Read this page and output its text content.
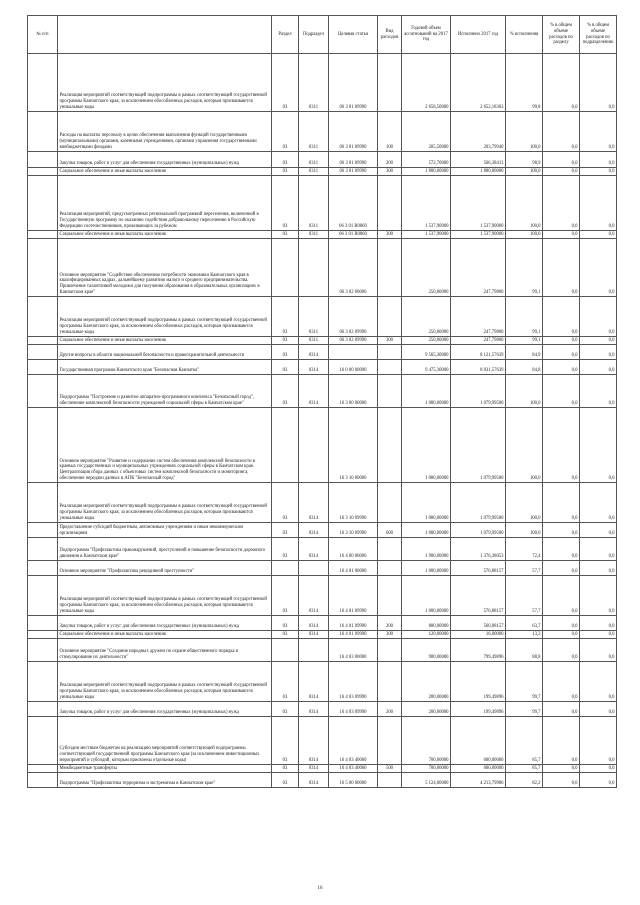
№ п/п		Раздел	Подраздел	Целевая статья	Вид расходов	Годовой объем ассигнований на 2017 год	Исполнено 2017 год	% исполнения	% в общем объеме расходов по разделу	% в общем объеме расходов по подразделению
	Реализация мероприятий соответствующей подпрограммы в рамках соответствующей государственной программы Камчатского края, за исключением обособленных расходов, которым присваиваются уникальные коды	03	0311	06 3 01 09990		2 658,50000	2 652,18363	99,8	0,0	0,0
	Расходы на выплаты персоналу в целях обеспечения выполнения функций государственными (муниципальными) органами, казенными учреждениями, органами управления государственными внебюджетными фондами	03	0311	06 3 01 09990	100	205,50000	203,79940	100,0	0,0	0,0
	Закупка товаров, работ и услуг для обеспечения государственных (муниципальных) нужд	03	0311	06 3 01 09990	200	572,70000	566,38413	98,9	0,0	0,0
	Социальное обеспечение и иные выплаты населению	03	0311	06 3 01 09990	300	1 880,00000	1 880,00000	100,0	0,0	0,0
	Реализация мероприятий, предусмотренных региональной программой переселения, включенной в Государственную программу по оказанию содействия добровольному переселению в Российскую Федерацию соотечественников, проживающих за рубежом	03	0311	06 3 01 R0860		1 537,90000	1 537,90000	100,0	0,0	0,0
	Социальное обеспечение и иные выплаты населению	03	0311	06 3 01 R0860	300	1 537,90000	1 537,90000	100,0	0,0	0,0
	Основное мероприятие "Содействие обеспечению потребности экономики Камчатского края в квалифицированных кадрах, дальнейшему развитию малого и среднего предпринимательства. Привлечение талантливой молодежи для получения образования в образовательных организациях в Камчатском крае"			06 3 02 00000		250,00000	247,79800	99,1	0,0	0,0
	Реализация мероприятий соответствующей подпрограммы в рамках соответствующей государственной программы Камчатского края, за исключением обособленных расходов, которым присваиваются уникальные коды	03	0311	06 3 02 09990		250,00000	247,79800	99,1	0,0	0,0
	Социальное обеспечение и иные выплаты населению	03	0311	06 3 02 09990	300	250,00000	247,79800	99,1	0,0	0,0
	Другие вопросы в области национальной безопасности и правоохранительной деятельности	03	0314			9 565,30000	8 121,57639	84,9	0,0	0,0
	Государственная программа Камчатского края "Безопасная Камчатка"	03	0314	16 0 00 00000		9 475,30000	8 031,57639	84,8	0,0	0,0
	Подпрограмма "Построение и развитие аппаратно-программного комплекса "Безопасный город", обеспечение комплексной безопасности учреждений социальной сферы в Камчатском крае"	03	0314	16 3 00 00000		1 080,00000	1 079,99500	100,0	0,0	0,0
	Основное мероприятие "Развитие и содержание систем обеспечения комплексной безопасности в краевых государственных и муниципальных учреждениях социальной сферы в Камчатском крае. Централизация сбора данных с объектовых систем комплексной безопасности и мониторинга, обеспечение передачи данных в АПК "Безопасный город"			16 3 10 00000		1 080,00000	1 079,99500	100,0	0,0	0,0
	Реализация мероприятий соответствующей подпрограммы в рамках соответствующей государственной программы Камчатского края, за исключением обособленных расходов, которым присваиваются уникальные коды	03	0314	16 3 10 09990		1 080,00000	1 079,99500	100,0	0,0	0,0
	Предоставление субсидий бюджетным, автономным учреждениям и иным некоммерческим организациям	03	0314	16 3 10 09990	600	1 080,00000	1 079,99500	100,0	0,0	0,0
	Подпрограмма "Профилактика правонарушений, преступлений и повышение безопасности дорожного движения в Камчатском крае"	03	0314	16 4 00 00000		1 900,00000	1 376,38053	72,4	0,0	0,0
	Основное мероприятие "Профилактика рецидивной преступности"			16 4 01 00000		1 000,00000	576,88157	57,7	0,0	0,0
	Реализация мероприятий соответствующей подпрограммы в рамках соответствующей государственной программы Камчатского края, за исключением обособленных расходов, которым присваиваются уникальные коды	03	0314	16 4 01 09990		1 000,00000	576,88157	57,7	0,0	0,0
	Закупка товаров, работ и услуг для обеспечения государственных (муниципальных) нужд	03	0314	16 4 01 09990	200	880,00000	560,88157	63,7	0,0	0,0
	Социальное обеспечение и иные выплаты населению	03	0314	16 4 01 09990	300	120,00000	16,00000	13,3	0,0	0,0
	Основное мероприятие "Создание народных дружин по охране общественного порядка и стимулирование их деятельности"			16 4 03 00000		900,00000	799,49896	88,8	0,0	0,0
	Реализация мероприятий соответствующей подпрограммы в рамках соответствующей государственной программы Камчатского края, за исключением обособленных расходов, которым присваиваются уникальные коды	03	0314	16 4 03 09990		200,00000	199,49896	99,7	0,0	0,0
	Закупка товаров, работ и услуг для обеспечения государственных (муниципальных) нужд	03	0314	16 4 03 09990	200	200,00000	199,49896	99,7	0,0	0,0
	Субсидии местным бюджетам на реализацию мероприятий соответствующей подпрограммы соответствующей государственной программы Камчатского края (за исключением инвестиционных мероприятий и субсидий, которым присвоены отдельные коды)	03	0314	16 4 03 40060		700,00000	600,00000	85,7	0,0	0,0
	Межбюджетные трансферты	03	0314	16 4 03 40060	500	700,00000	600,00000	85,7	0,0	0,0
	Подпрограмма "Профилактика терроризма и экстремизма в Камчатском крае"	03	0314	16 5 00 00000		5 124,00000	4 213,79986	82,2	0,0	0,0
16
